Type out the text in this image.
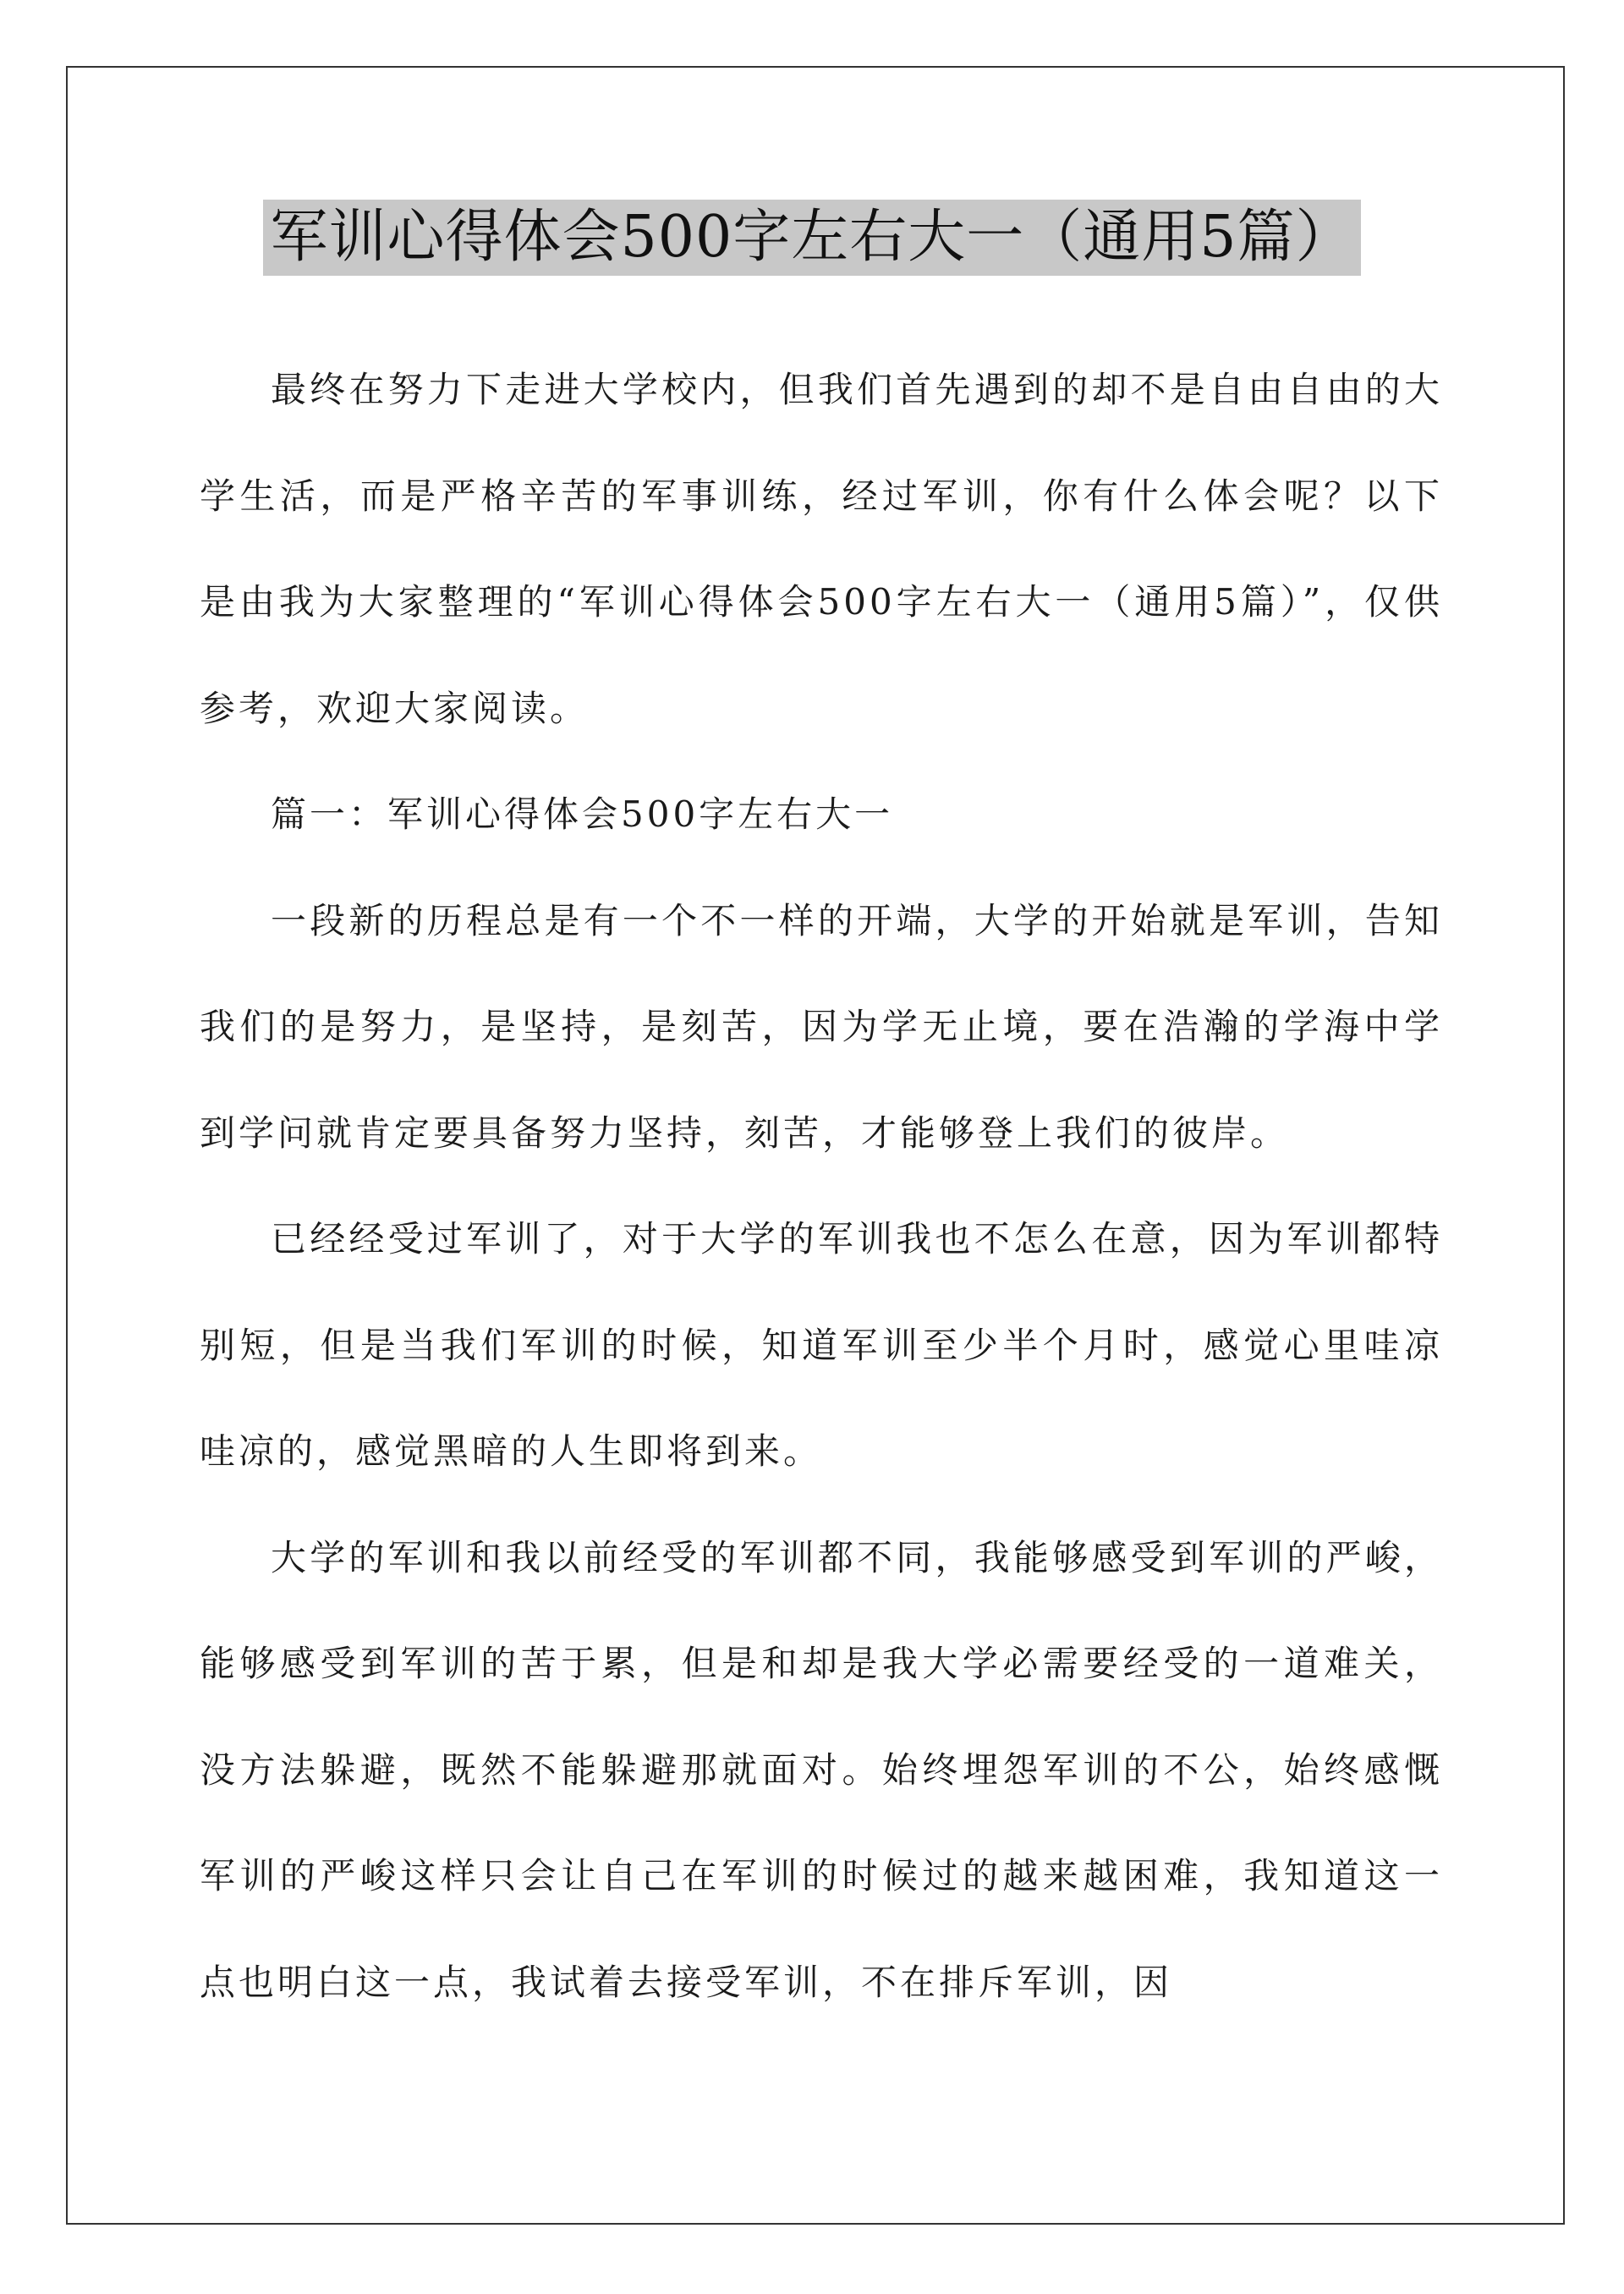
军训心得体会500字左右大一（通用5篇）

最终在努力下走进大学校内，但我们首先遇到的却不是自由自由的大学生活，而是严格辛苦的军事训练，经过军训，你有什么体会呢？以下是由我为大家整理的“军训心得体会500字左右大一（通用5篇）”，仅供参考，欢迎大家阅读。

篇一：军训心得体会500字左右大一

一段新的历程总是有一个不一样的开端，大学的开始就是军训，告知我们的是努力，是坚持，是刻苦，因为学无止境，要在浩瀚的学海中学到学问就肯定要具备努力坚持，刻苦，才能够登上我们的彼岸。

已经经受过军训了，对于大学的军训我也不怎么在意，因为军训都特别短，但是当我们军训的时候，知道军训至少半个月时，感觉心里哇凉哇凉的，感觉黑暗的人生即将到来。

大学的军训和我以前经受的军训都不同，我能够感受到军训的严峻，能够感受到军训的苦于累，但是和却是我大学必需要经受的一道难关，没方法躲避，既然不能躲避那就面对。始终埋怨军训的不公，始终感慨军训的严峻这样只会让自己在军训的时候过的越来越困难，我知道这一点也明白这一点，我试着去接受军训，不在排斥军训，因
